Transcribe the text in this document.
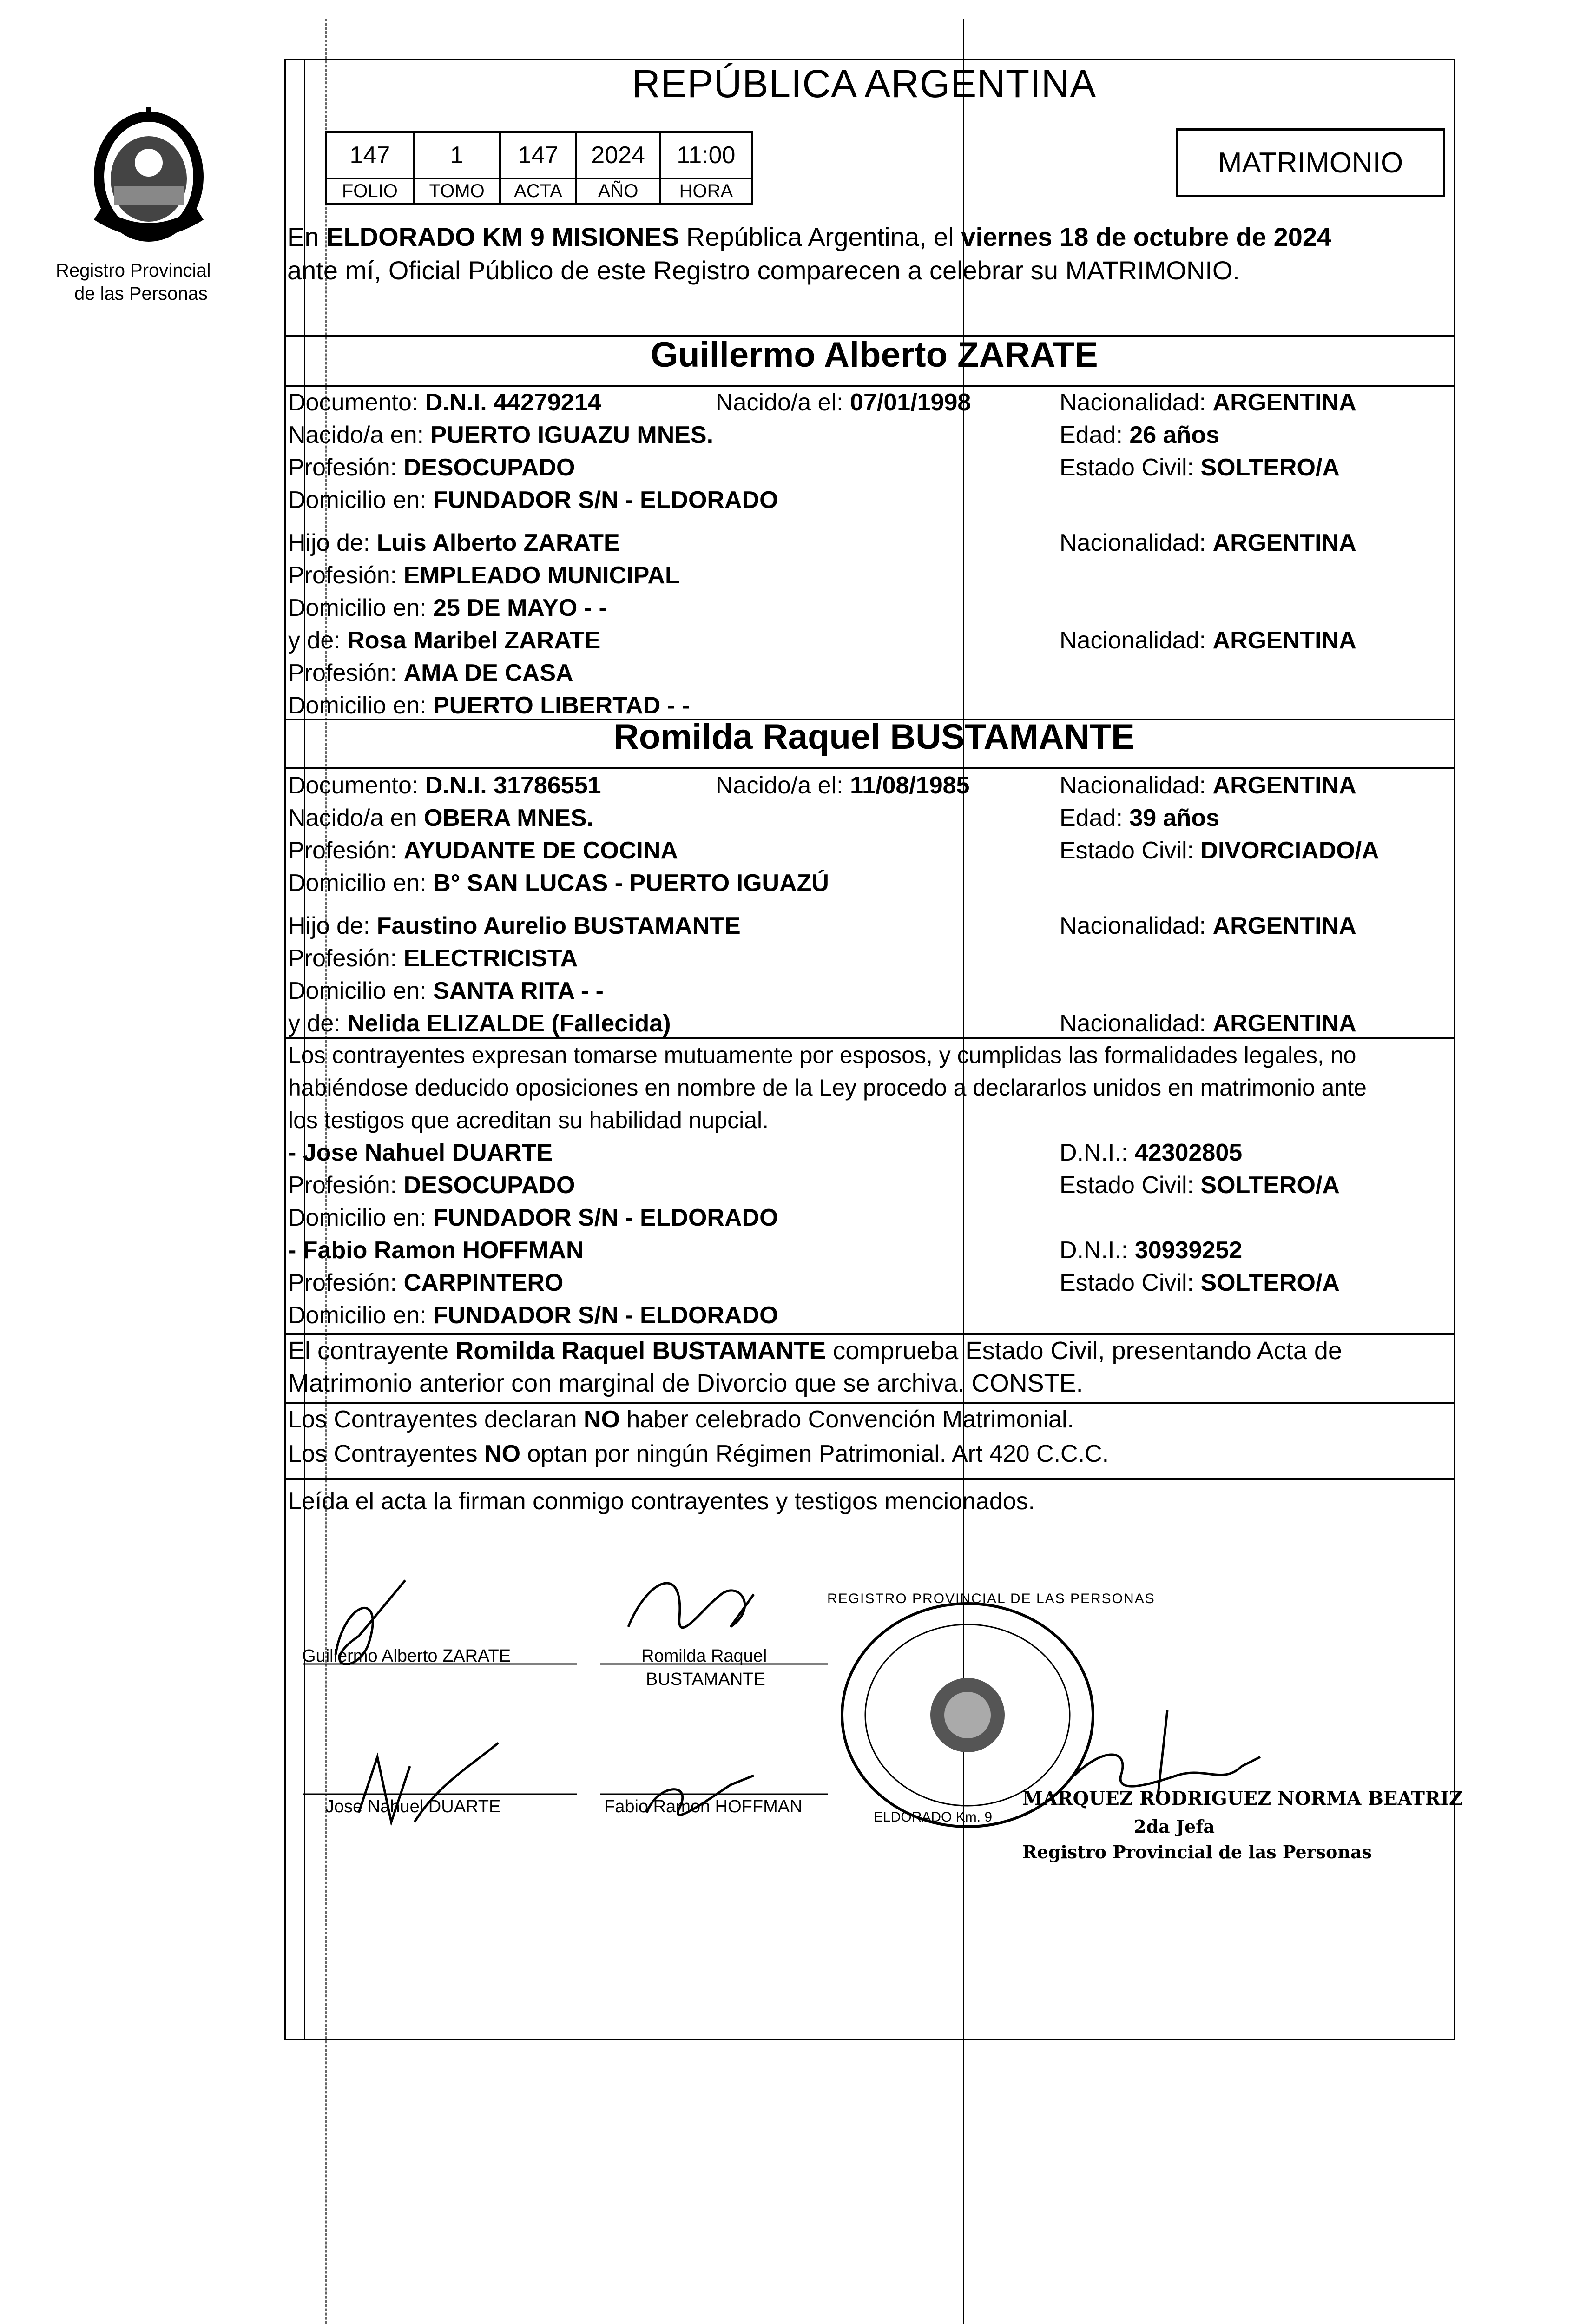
Registro Provincial
de las Personas
REPÚBLICA ARGENTINA
147	1	147	2024	11:00
FOLIO	TOMO	ACTA	AÑO	HORA
MATRIMONIO
En ELDORADO KM 9 MISIONES República Argentina, el viernes 18 de octubre de 2024
ante mí, Oficial Público de este Registro comparecen a celebrar su MATRIMONIO.
Guillermo Alberto ZARATE
Documento: D.N.I. 44279214	Nacido/a el: 07/01/1998	Nacionalidad: ARGENTINA
Nacido/a en: PUERTO IGUAZU MNES.	Edad: 26 años
Profesión: DESOCUPADO	Estado Civil: SOLTERO/A
Domicilio en: FUNDADOR S/N - ELDORADO
Hijo de: Luis Alberto ZARATE	Nacionalidad: ARGENTINA
Profesión: EMPLEADO MUNICIPAL
Domicilio en: 25 DE MAYO - -
y de: Rosa Maribel ZARATE	Nacionalidad: ARGENTINA
Profesión: AMA DE CASA
Domicilio en: PUERTO LIBERTAD - -
Romilda Raquel BUSTAMANTE
Documento: D.N.I. 31786551	Nacido/a el: 11/08/1985	Nacionalidad: ARGENTINA
Nacido/a en OBERA MNES.	Edad: 39 años
Profesión: AYUDANTE DE COCINA	Estado Civil: DIVORCIADO/A
Domicilio en: B° SAN LUCAS - PUERTO IGUAZÚ
Hijo de: Faustino Aurelio BUSTAMANTE	Nacionalidad: ARGENTINA
Profesión: ELECTRICISTA
Domicilio en: SANTA RITA - -
y de: Nelida ELIZALDE (Fallecida)	Nacionalidad: ARGENTINA
Los contrayentes expresan tomarse mutuamente por esposos, y cumplidas las formalidades legales, no
habiéndose deducido oposiciones en nombre de la Ley procedo a declararlos unidos en matrimonio ante
los testigos que acreditan su habilidad nupcial.
- Jose Nahuel DUARTE	D.N.I.: 42302805
Profesión: DESOCUPADO	Estado Civil: SOLTERO/A
Domicilio en: FUNDADOR S/N - ELDORADO
- Fabio Ramon HOFFMAN	D.N.I.: 30939252
Profesión: CARPINTERO	Estado Civil: SOLTERO/A
Domicilio en: FUNDADOR S/N - ELDORADO
El contrayente Romilda Raquel BUSTAMANTE comprueba Estado Civil, presentando Acta de
Matrimonio anterior con marginal de Divorcio que se archiva. CONSTE.
Los Contrayentes declaran NO haber celebrado Convención Matrimonial.
Los Contrayentes NO optan por ningún Régimen Patrimonial. Art 420 C.C.C.
Leída el acta la firman conmigo contrayentes y testigos mencionados.
Guillermo Alberto ZARATE	Romilda Raquel
BUSTAMANTE
Jose Nahuel DUARTE	Fabio Ramon HOFFMAN
REGISTRO PROVINCIAL DE LAS PERSONAS
ELDORADO Km. 9
MARQUEZ RODRIGUEZ NORMA BEATRIZ
2da Jefa
Registro Provincial de las Personas
